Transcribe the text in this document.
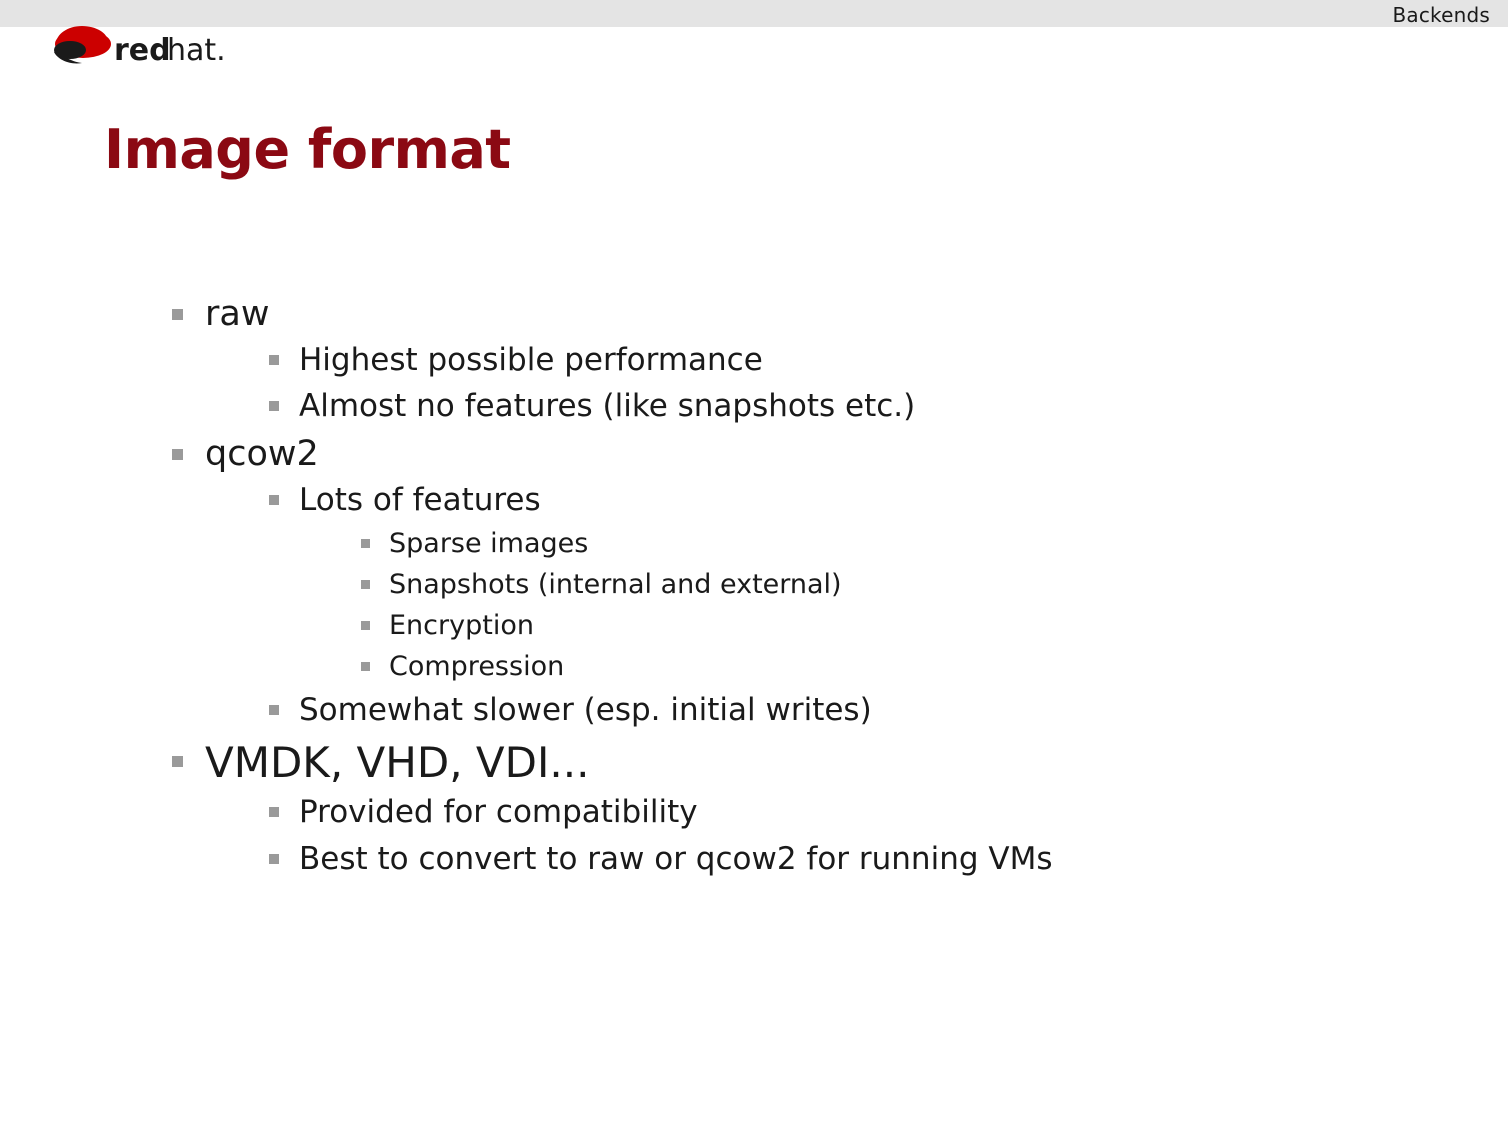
Backends
red
hat.
Image format
raw
Highest possible performance
Almost no features (like snapshots etc.)
qcow2
Lots of features
Sparse images
Snapshots (internal and external)
Encryption
Compression
Somewhat slower (esp. initial writes)
VMDK, VHD, VDI...
Provided for compatibility
Best to convert to raw or qcow2 for running VMs
